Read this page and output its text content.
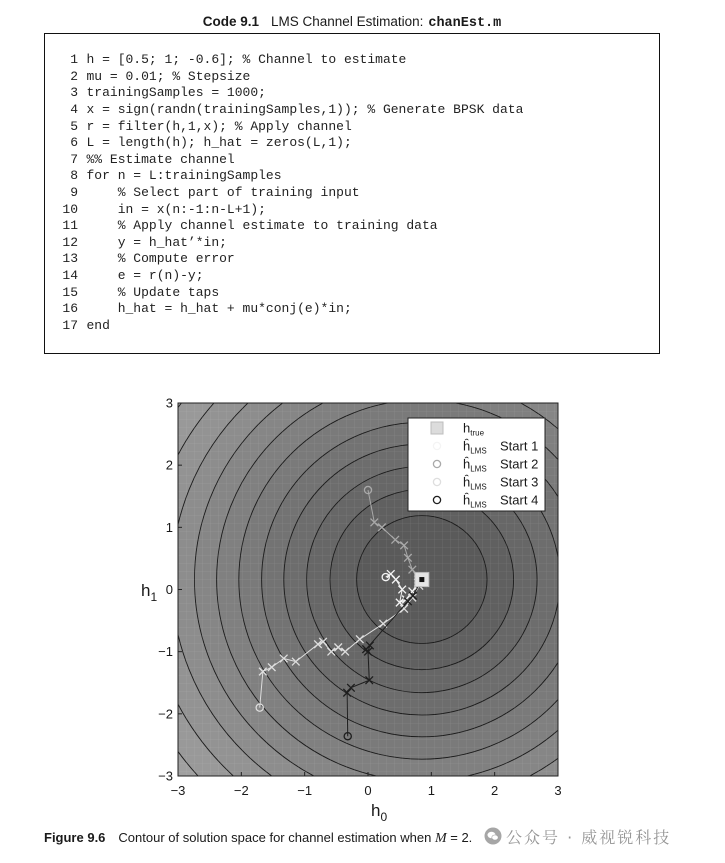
Code 9.1 LMS Channel Estimation: chanEst.m
1 h = [0.5; 1; -0.6]; % Channel to estimate
2 mu = 0.01; % Stepsize
3 trainingSamples = 1000;
4 x = sign(randn(trainingSamples,1)); % Generate BPSK data
5 r = filter(h,1,x); % Apply channel
6 L = length(h); h_hat = zeros(L,1);
7 %% Estimate channel
8 for n = L:trainingSamples
9    % Select part of training input
10    in = x(n:-1:n-L+1);
11    % Apply channel estimate to training data
12    y = h_hat’*in;
13    % Compute error
14    e = r(n)-y;
15    % Update taps
16    h_hat = h_hat + mu*conj(e)*in;
17 end
−3	−2	−1	0	1	2	3
3
2
1
0
−1
−2
−3
$h_1$
$h_0$
$h_{true}$
$ĥ_{LMS}$ Start 1
$ĥ_{LMS}$ Start 2
$ĥ_{LMS}$ Start 3
$ĥ_{LMS}$ Start 4
Figure 9.6 Contour of solution space for channel estimation when M = 2. 公众号 · 威视锐科技
